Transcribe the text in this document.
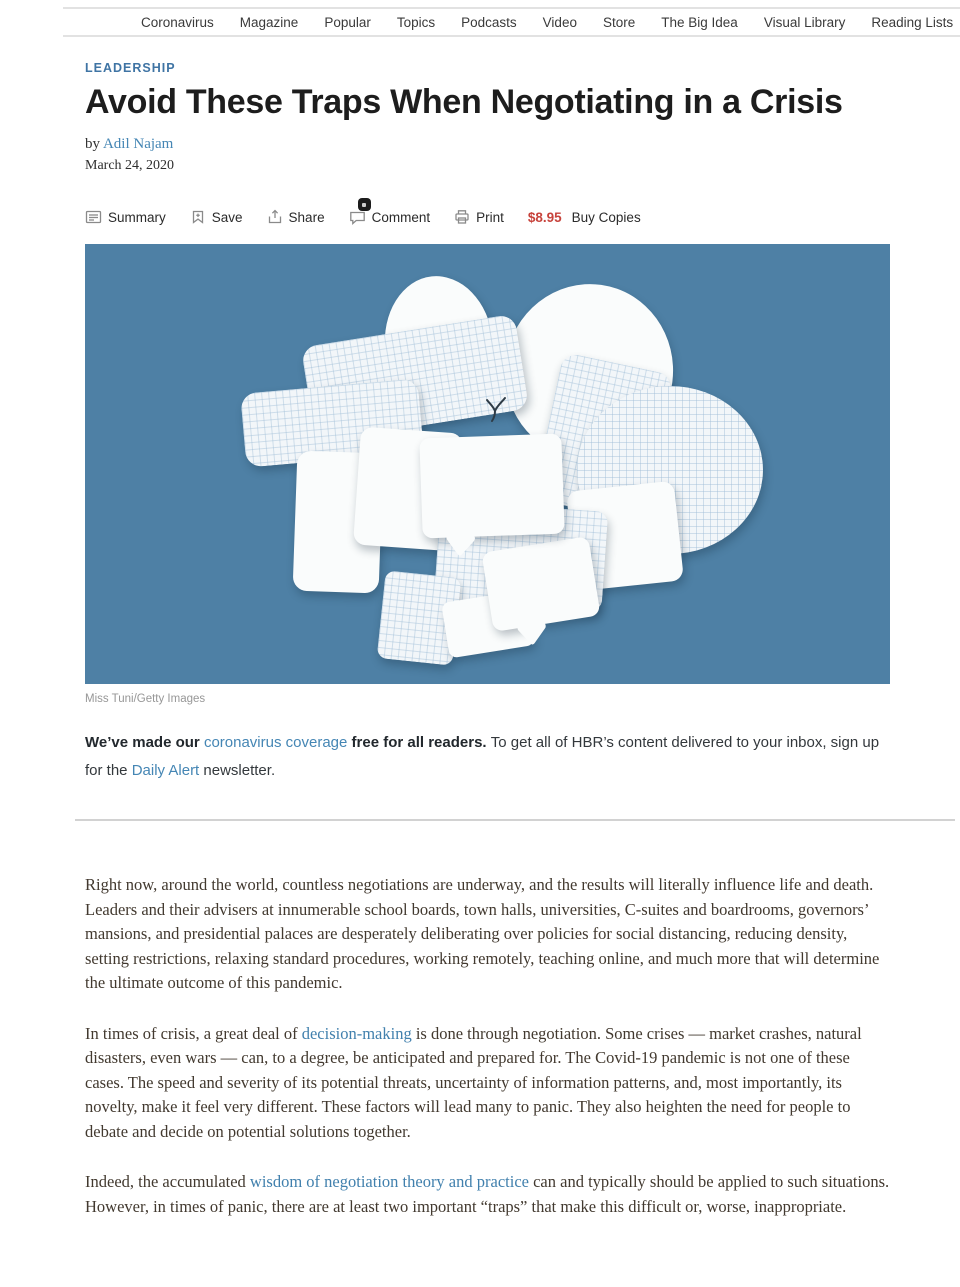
Coronavirus Magazine Popular Topics Podcasts Video Store The Big Idea Visual Library Reading Lists
LEADERSHIP
Avoid These Traps When Negotiating in a Crisis
by Adil Najam
March 24, 2020
Summary	Save	Share	Comment	Print $8.95 Buy Copies
Miss Tuni/Getty Images

We’ve made our coronavirus coverage free for all readers. To get all of HBR’s content delivered to your inbox, sign up for the Daily Alert newsletter.

Right now, around the world, countless negotiations are underway, and the results will literally influence life and death. Leaders and their advisers at innumerable school boards, town halls, universities, C-suites and boardrooms, governors’ mansions, and presidential palaces are desperately deliberating over policies for social distancing, reducing density, setting restrictions, relaxing standard procedures, working remotely, teaching online, and much more that will determine the ultimate outcome of this pandemic.

In times of crisis, a great deal of decision-making is done through negotiation. Some crises — market crashes, natural disasters, even wars — can, to a degree, be anticipated and prepared for. The Covid-19 pandemic is not one of these cases. The speed and severity of its potential threats, uncertainty of information patterns, and, most importantly, its novelty, make it feel very different. These factors will lead many to panic. They also heighten the need for people to debate and decide on potential solutions together.

Indeed, the accumulated wisdom of negotiation theory and practice can and typically should be applied to such situations. However, in times of panic, there are at least two important “traps” that make this difficult or, worse, inappropriate.
